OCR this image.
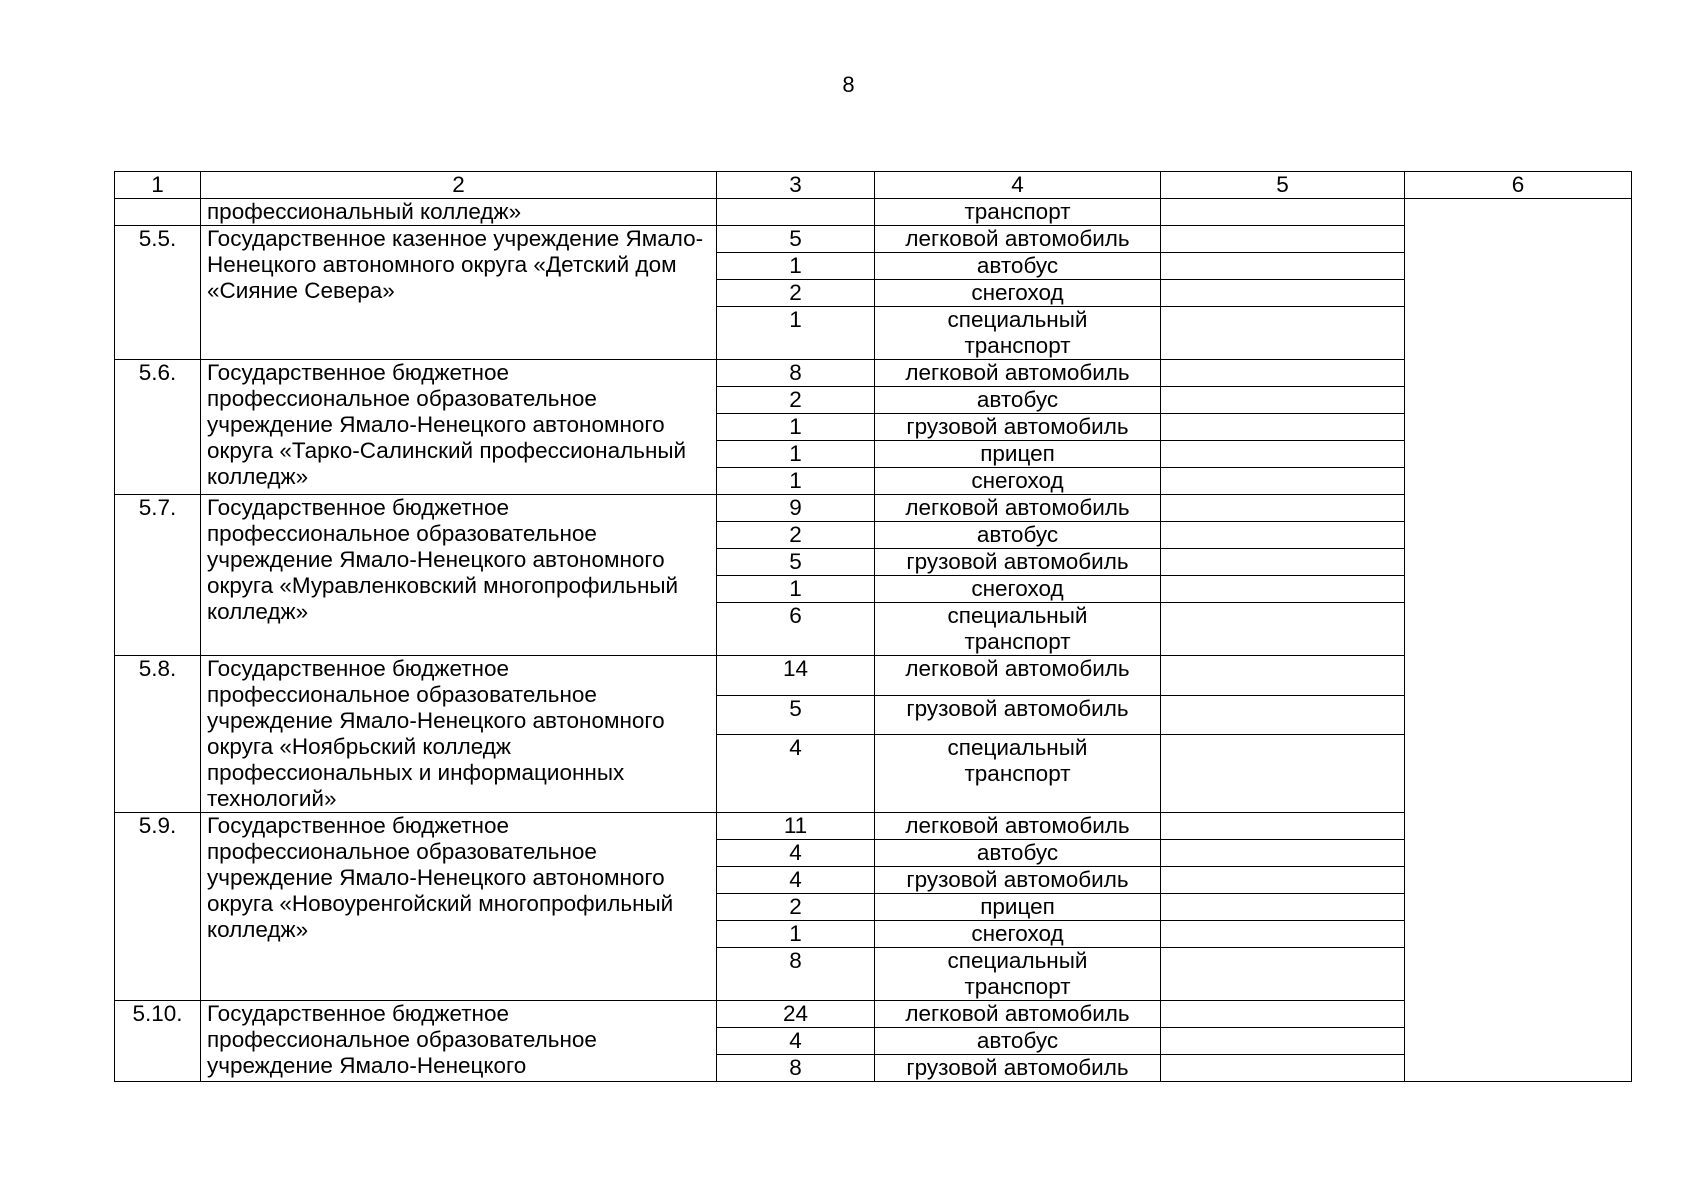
8
1	2	3	4	5	6
	профессиональный колледж»		транспорт		
5.5.	Государственное казенное учреждение Ямало-Ненецкого автономного округа «Детский дом «Сияние Севера»	5	легковой автомобиль		
		1	автобус		
		2	снегоход		
		1	специальный транспорт		
5.6.	Государственное бюджетное профессиональное образовательное учреждение Ямало-Ненецкого автономного округа «Тарко-Салинский профессиональный колледж»	8	легковой автомобиль		
		2	автобус		
		1	грузовой автомобиль		
		1	прицеп		
		1	снегоход		
5.7.	Государственное бюджетное профессиональное образовательное учреждение Ямало-Ненецкого автономного округа «Муравленковский многопрофильный колледж»	9	легковой автомобиль		
		2	автобус		
		5	грузовой автомобиль		
		1	снегоход		
		6	специальный транспорт		
5.8.	Государственное бюджетное профессиональное образовательное учреждение Ямало-Ненецкого автономного округа «Ноябрьский колледж профессиональных и информационных технологий»	14	легковой автомобиль		
		5	грузовой автомобиль		
		4	специальный транспорт		
5.9.	Государственное бюджетное профессиональное образовательное учреждение Ямало-Ненецкого автономного округа «Новоуренгойский многопрофильный колледж»	11	легковой автомобиль		
		4	автобус		
		4	грузовой автомобиль		
		2	прицеп		
		1	снегоход		
		8	специальный транспорт		
5.10.	Государственное бюджетное профессиональное образовательное учреждение Ямало-Ненецкого	24	легковой автомобиль		
		4	автобус		
		8	грузовой автомобиль		
